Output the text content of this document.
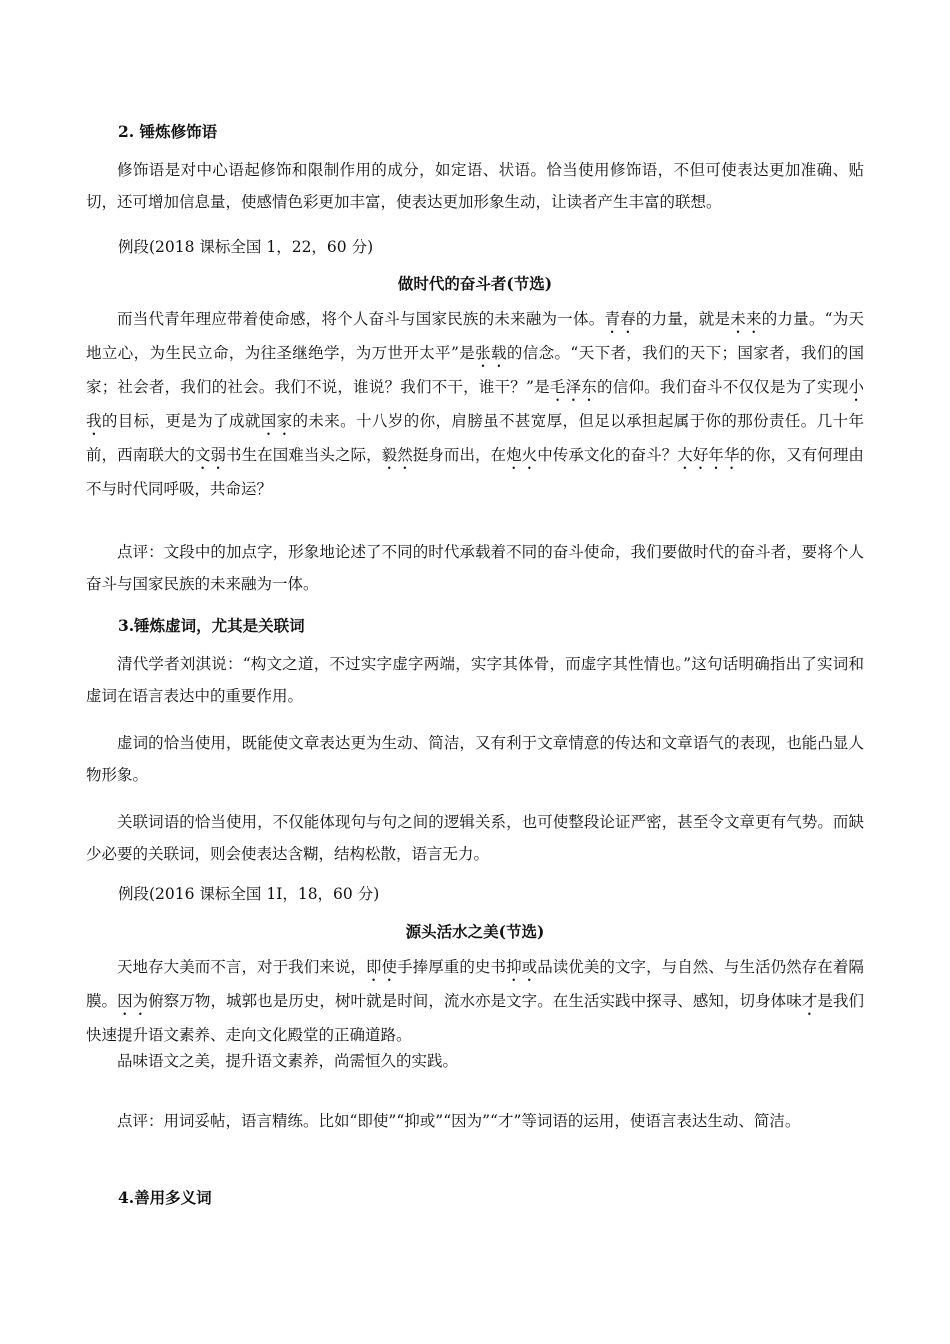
2. 锤炼修饰语

修饰语是对中心语起修饰和限制作用的成分，如定语、状语。恰当使用修饰语，不但可使表达更加准确、贴切，还可增加信息量，使感情色彩更加丰富，使表达更加形象生动，让读者产生丰富的联想。

例段(2018 课标全国 1，22，60 分)

做时代的奋斗者(节选)

而当代青年理应带着使命感，将个人奋斗与国家民族的未来融为一体。青春的力量，就是未来的力量。“为天地立心，为生民立命，为往圣继绝学，为万世开太平”是张载的信念。“天下者，我们的天下；国家者，我们的国家；社会者，我们的社会。我们不说，谁说？我们不干，谁干？”是毛泽东的信仰。我们奋斗不仅仅是为了实现小我的目标，更是为了成就国家的未来。十八岁的你，肩膀虽不甚宽厚，但足以承担起属于你的那份责任。几十年前，西南联大的文弱书生在国难当头之际，毅然挺身而出，在炮火中传承文化的奋斗？大好年华的你，又有何理由不与时代同呼吸，共命运？

点评：文段中的加点字，形象地论述了不同的时代承载着不同的奋斗使命，我们要做时代的奋斗者，要将个人奋斗与国家民族的未来融为一体。

3.锤炼虚词，尤其是关联词

清代学者刘淇说：“构文之道，不过实字虚字两端，实字其体骨，而虚字其性情也。”这句话明确指出了实词和虚词在语言表达中的重要作用。

虚词的恰当使用，既能使文章表达更为生动、简洁，又有利于文章情意的传达和文章语气的表现，也能凸显人物形象。

关联词语的恰当使用，不仅能体现句与句之间的逻辑关系，也可使整段论证严密，甚至令文章更有气势。而缺少必要的关联词，则会使表达含糊，结构松散，语言无力。

例段(2016 课标全国 1I，18，60 分)

源头活水之美(节选)

天地存大美而不言，对于我们来说，即使手捧厚重的史书抑或品读优美的文字，与自然、与生活仍然存在着隔膜。因为俯察万物，城郭也是历史，树叶就是时间，流水亦是文字。在生活实践中探寻、感知，切身体味才是我们快速提升语文素养、走向文化殿堂的正确道路。

品味语文之美，提升语文素养，尚需恒久的实践。

点评：用词妥帖，语言精练。比如“即使”“抑或”“因为”“才”等词语的运用，使语言表达生动、简洁。

4.善用多义词
